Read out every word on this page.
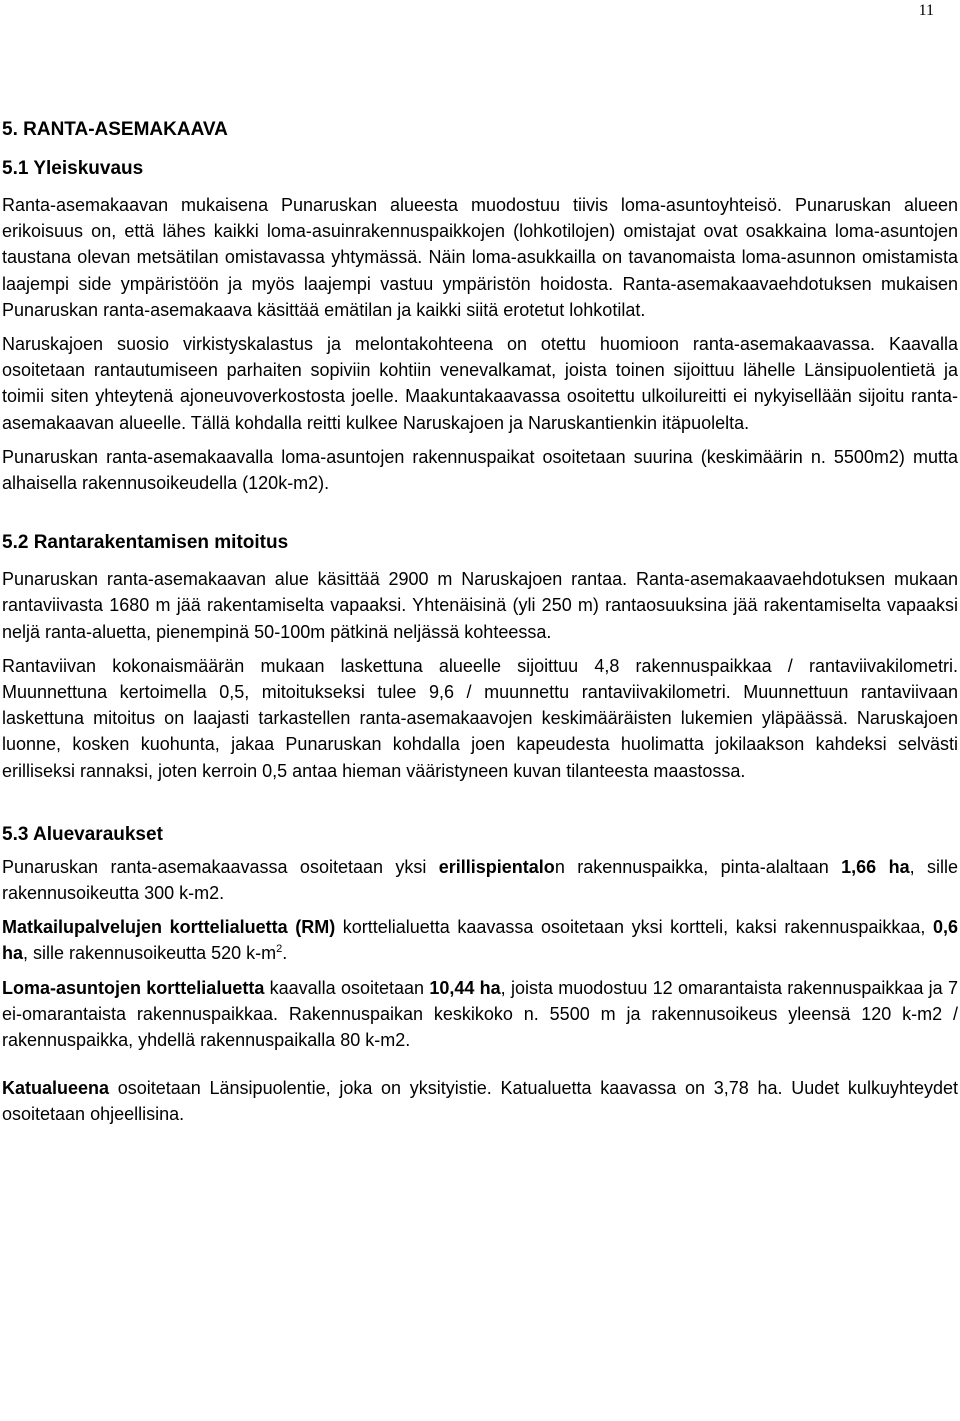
11
5. RANTA-ASEMAKAAVA
5.1 Yleiskuvaus

Ranta-asemakaavan mukaisena Punaruskan alueesta muodostuu tiivis loma-asuntoyhteisö. Punaruskan alueen erikoisuus on, että lähes kaikki loma-asuinrakennuspaikkojen (lohkotilojen) omistajat ovat osakkaina loma-asuntojen taustana olevan metsätilan omistavassa yhtymässä. Näin loma-asukkailla on tavanomaista loma-asunnon omistamista laajempi side ympäristöön ja myös laajempi vastuu ympäristön hoidosta. Ranta-asemakaavaehdotuksen mukaisen Punaruskan ranta-asemakaava käsittää emätilan ja kaikki siitä erotetut lohkotilat.

Naruskajoen suosio virkistyskalastus ja melontakohteena on otettu huomioon ranta-asemakaavassa. Kaavalla osoitetaan rantautumiseen parhaiten sopiviin kohtiin venevalkamat, joista toinen sijoittuu lähelle Länsipuolentietä ja toimii siten yhteytenä ajoneuvoverkostosta joelle. Maakuntakaavassa osoitettu ulkoilureitti ei nykyisellään sijoitu ranta-asemakaavan alueelle. Tällä kohdalla reitti kulkee Naruskajoen ja Naruskantienkin itäpuolelta.

Punaruskan ranta-asemakaavalla loma-asuntojen rakennuspaikat osoitetaan suurina (keskimäärin n. 5500m2) mutta alhaisella rakennusoikeudella (120k-m2).

5.2 Rantarakentamisen mitoitus

Punaruskan ranta-asemakaavan alue käsittää 2900 m Naruskajoen rantaa. Ranta-asemakaavaehdotuksen mukaan rantaviivasta 1680 m jää rakentamiselta vapaaksi. Yhtenäisinä (yli 250 m) rantaosuuksina jää rakentamiselta vapaaksi neljä ranta-aluetta, pienempinä 50-100m pätkinä neljässä kohteessa.

Rantaviivan kokonaismäärän mukaan laskettuna alueelle sijoittuu 4,8 rakennuspaikkaa / rantaviivakilometri. Muunnettuna kertoimella 0,5, mitoitukseksi tulee 9,6 / muunnettu rantaviivakilometri. Muunnettuun rantaviivaan laskettuna mitoitus on laajasti tarkastellen ranta-asemakaavojen keskimääräisten lukemien yläpäässä. Naruskajoen luonne, kosken kuohunta, jakaa Punaruskan kohdalla joen kapeudesta huolimatta jokilaakson kahdeksi selvästi erilliseksi rannaksi, joten kerroin 0,5 antaa hieman vääristyneen kuvan tilanteesta maastossa.

5.3 Aluevaraukset

Punaruskan ranta-asemakaavassa osoitetaan yksi erillispientalon rakennuspaikka, pinta-alaltaan 1,66 ha, sille rakennusoikeutta 300 k-m2.

Matkailupalvelujen korttelialuetta (RM) korttelialuetta kaavassa osoitetaan yksi kortteli, kaksi rakennuspaikkaa, 0,6 ha, sille rakennusoikeutta 520 $k-m^2$.

Loma-asuntojen korttelialuetta kaavalla osoitetaan 10,44 ha, joista muodostuu 12 omarantaista rakennuspaikkaa ja 7 ei-omarantaista rakennuspaikkaa. Rakennuspaikan keskikoko n. 5500 m ja rakennusoikeus yleensä 120 k-m2 / rakennuspaikka, yhdellä rakennuspaikalla 80 k-m2.

Katualueena osoitetaan Länsipuolentie, joka on yksityistie. Katualuetta kaavassa on 3,78 ha. Uudet kulkuyhteydet osoitetaan ohjeellisina.
